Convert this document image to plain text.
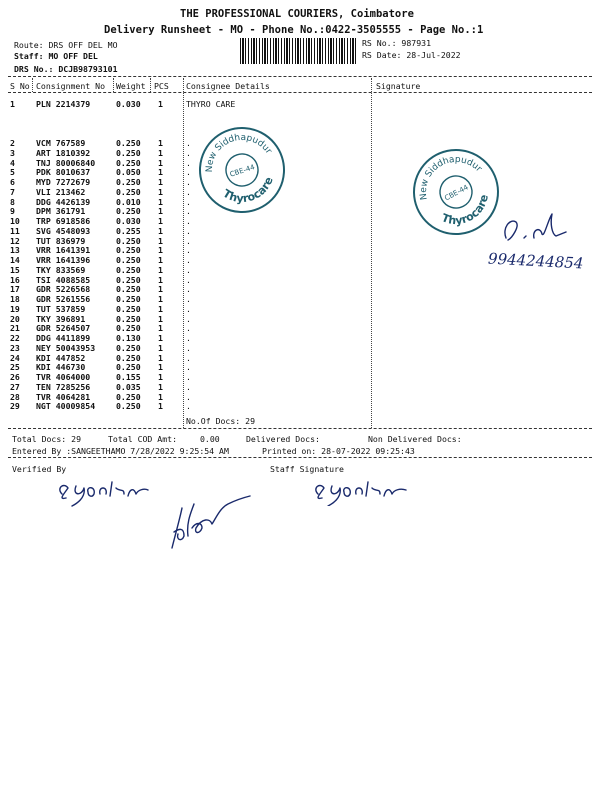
THE PROFESSIONAL COURIERS, Coimbatore
Delivery Runsheet - MO - Phone No.:0422-3505555 - Page No.:1
Route: DRS OFF DEL MO
Staff: MO OFF DEL
DRS No.: DCJB98793101
RS No.: 987931
RS Date: 28-Jul-2022
S No Consignment No Weight PCS Consignee Details	Signature
1	PLN 2214379	0.030 1	THYRO CARE
2	VCM 767589	0.250 1	.
3	ART 1810392	0.250 1	.
4	TNJ 80006840	0.250 1	.
5	PDK 8010637	0.050 1	.
6	MYD 7272679	0.250 1	.
7	VLI 213462	0.250 1	.
8	DDG 4426139	0.010 1	.
9	DPM 361791	0.250 1	.
10 TRP 6918586	0.030 1	.
11 SVG 4548093	0.255 1	.
12 TUT 836979	0.250 1	.
13 VRR 1641391	0.250 1	.
14 VRR 1641396	0.250 1	.
15 TKY 833569	0.250 1	.
16 TSI 4088585	0.250 1	.
17 GDR 5226568	0.250 1	.
18 GDR 5261556	0.250 1	.
19 TUT 537859	0.250 1	.
20 TKY 396891	0.250 1	.
21 GDR 5264507	0.250 1	.
22 DDG 4411899	0.130 1	.
23 NEY 50043953	0.250 1	.
24 KDI 447852	0.250 1	.
25 KDI 446730	0.250 1	.
26 TVR 4064000	0.155 1	.
27 TEN 7285256	0.035 1	.
28 TVR 4064281	0.250 1	.
29 NGT 40009854	0.250 1	.
No.Of Docs: 29
Total Docs: 29	Total COD Amt:	0.00	Delivered Docs:	Non Delivered Docs:
Entered By :SANGEETHAMO 7/28/2022 9:25:54 AM	Printed on: 28-07-2022 09:25:43
Verified By	Staff Signature
New Siddhapudur
Thyrocare
CBE-44
New Siddhapudur
Thyrocare
CBE-44
9944244854
